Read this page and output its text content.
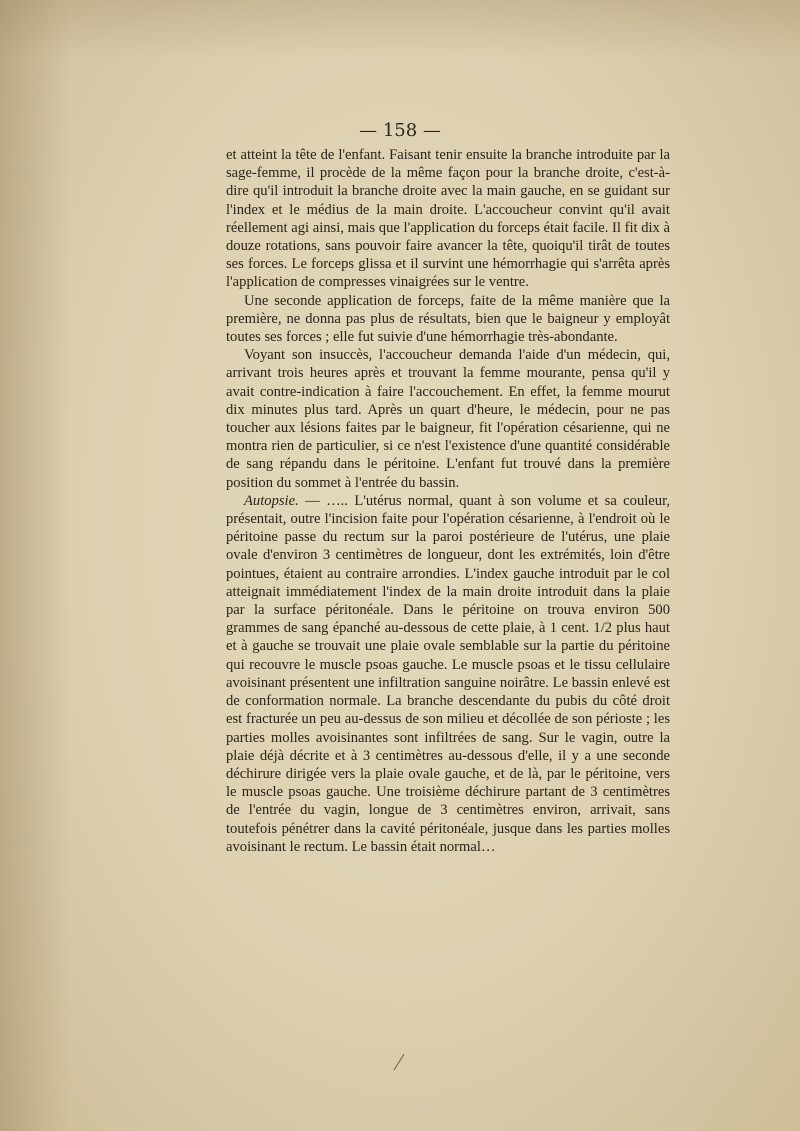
— 158 —

et atteint la tête de l'enfant. Faisant tenir ensuite la branche introduite par la sage-femme, il procède de la même façon pour la branche droite, c'est-à-dire qu'il introduit la branche droite avec la main gauche, en se guidant sur l'index et le médius de la main droite. L'accoucheur convint qu'il avait réellement agi ainsi, mais que l'application du forceps était facile. Il fit dix à douze rotations, sans pouvoir faire avancer la tête, quoiqu'il tirât de toutes ses forces. Le forceps glissa et il survint une hémorrhagie qui s'arrêta après l'application de compresses vinaigrées sur le ventre.

Une seconde application de forceps, faite de la même manière que la première, ne donna pas plus de résultats, bien que le baigneur y employât toutes ses forces ; elle fut suivie d'une hémorrhagie très-abondante.

Voyant son insuccès, l'accoucheur demanda l'aide d'un médecin, qui, arrivant trois heures après et trouvant la femme mourante, pensa qu'il y avait contre-indication à faire l'accouchement. En effet, la femme mourut dix minutes plus tard. Après un quart d'heure, le médecin, pour ne pas toucher aux lésions faites par le baigneur, fit l'opération césarienne, qui ne montra rien de particulier, si ce n'est l'existence d'une quantité considérable de sang répandu dans le péritoine. L'enfant fut trouvé dans la première position du sommet à l'entrée du bassin.

Autopsie. — ….. L'utérus normal, quant à son volume et sa couleur, présentait, outre l'incision faite pour l'opération césarienne, à l'endroit où le péritoine passe du rectum sur la paroi postérieure de l'utérus, une plaie ovale d'environ 3 centimètres de longueur, dont les extrémités, loin d'être pointues, étaient au contraire arrondies. L'index gauche introduit par le col atteignait immédiatement l'index de la main droite introduit dans la plaie par la surface péritonéale. Dans le péritoine on trouva environ 500 grammes de sang épanché au-dessous de cette plaie, à 1 cent. 1/2 plus haut et à gauche se trouvait une plaie ovale semblable sur la partie du péritoine qui recouvre le muscle psoas gauche. Le muscle psoas et le tissu cellulaire avoisinant présentent une infiltration sanguine noirâtre. Le bassin enlevé est de conformation normale. La branche descendante du pubis du côté droit est fracturée un peu au-dessus de son milieu et décollée de son périoste ; les parties molles avoisinantes sont infiltrées de sang. Sur le vagin, outre la plaie déjà décrite et à 3 centimètres au-dessous d'elle, il y a une seconde déchirure dirigée vers la plaie ovale gauche, et de là, par le péritoine, vers le muscle psoas gauche. Une troisième déchirure partant de 3 centimètres de l'entrée du vagin, longue de 3 centimètres environ, arrivait, sans toutefois pénétrer dans la cavité péritonéale, jusque dans les parties molles avoisinant le rectum. Le bassin était normal…
